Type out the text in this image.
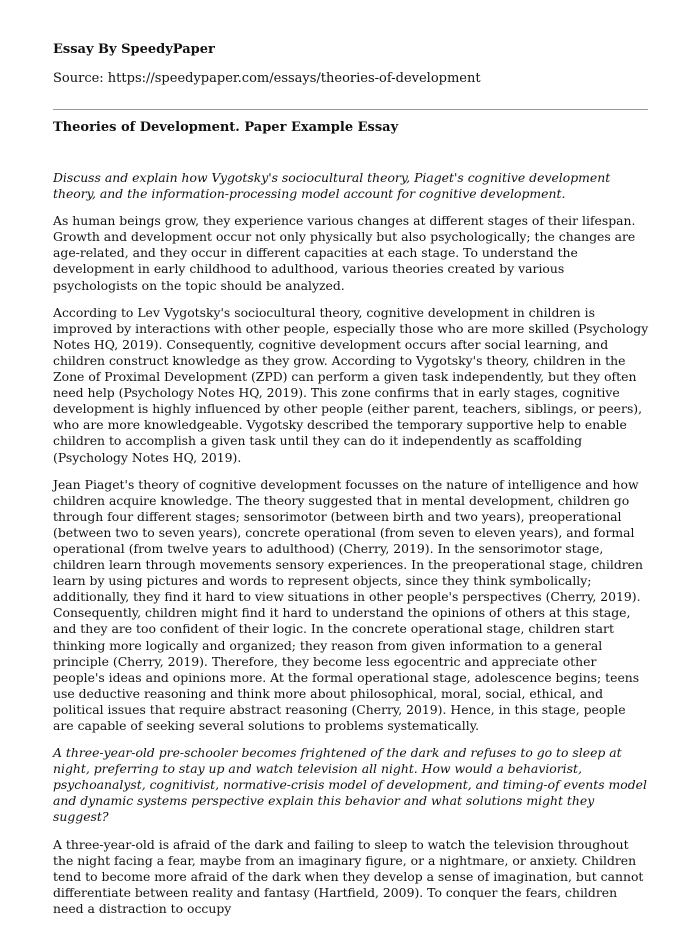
Essay By SpeedyPaper

Source: https://speedypaper.com/essays/theories-of-development

Theories of Development. Paper Example Essay

Discuss and explain how Vygotsky's sociocultural theory, Piaget's cognitive development theory, and the information-processing model account for cognitive development.

As human beings grow, they experience various changes at different stages of their lifespan. Growth and development occur not only physically but also psychologically; the changes are age-related, and they occur in different capacities at each stage. To understand the development in early childhood to adulthood, various theories created by various psychologists on the topic should be analyzed.

According to Lev Vygotsky's sociocultural theory, cognitive development in children is improved by interactions with other people, especially those who are more skilled (Psychology Notes HQ, 2019). Consequently, cognitive development occurs after social learning, and children construct knowledge as they grow. According to Vygotsky's theory, children in the Zone of Proximal Development (ZPD) can perform a given task independently, but they often need help (Psychology Notes HQ, 2019). This zone confirms that in early stages, cognitive development is highly influenced by other people (either parent, teachers, siblings, or peers), who are more knowledgeable. Vygotsky described the temporary supportive help to enable children to accomplish a given task until they can do it independently as scaffolding (Psychology Notes HQ, 2019).

Jean Piaget's theory of cognitive development focusses on the nature of intelligence and how children acquire knowledge. The theory suggested that in mental development, children go through four different stages; sensorimotor (between birth and two years), preoperational (between two to seven years), concrete operational (from seven to eleven years), and formal operational (from twelve years to adulthood) (Cherry, 2019). In the sensorimotor stage, children learn through movements sensory experiences. In the preoperational stage, children learn by using pictures and words to represent objects, since they think symbolically; additionally, they find it hard to view situations in other people's perspectives (Cherry, 2019). Consequently, children might find it hard to understand the opinions of others at this stage, and they are too confident of their logic. In the concrete operational stage, children start thinking more logically and organized; they reason from given information to a general principle (Cherry, 2019). Therefore, they become less egocentric and appreciate other people's ideas and opinions more. At the formal operational stage, adolescence begins; teens use deductive reasoning and think more about philosophical, moral, social, ethical, and political issues that require abstract reasoning (Cherry, 2019). Hence, in this stage, people are capable of seeking several solutions to problems systematically.

A three-year-old pre-schooler becomes frightened of the dark and refuses to go to sleep at night, preferring to stay up and watch television all night. How would a behaviorist, psychoanalyst, cognitivist, normative-crisis model of development, and timing-of events model and dynamic systems perspective explain this behavior and what solutions might they suggest?

A three-year-old is afraid of the dark and failing to sleep to watch the television throughout the night facing a fear, maybe from an imaginary figure, or a nightmare, or anxiety. Children tend to become more afraid of the dark when they develop a sense of imagination, but cannot differentiate between reality and fantasy (Hartfield, 2009). To conquer the fears, children need a distraction to occupy
